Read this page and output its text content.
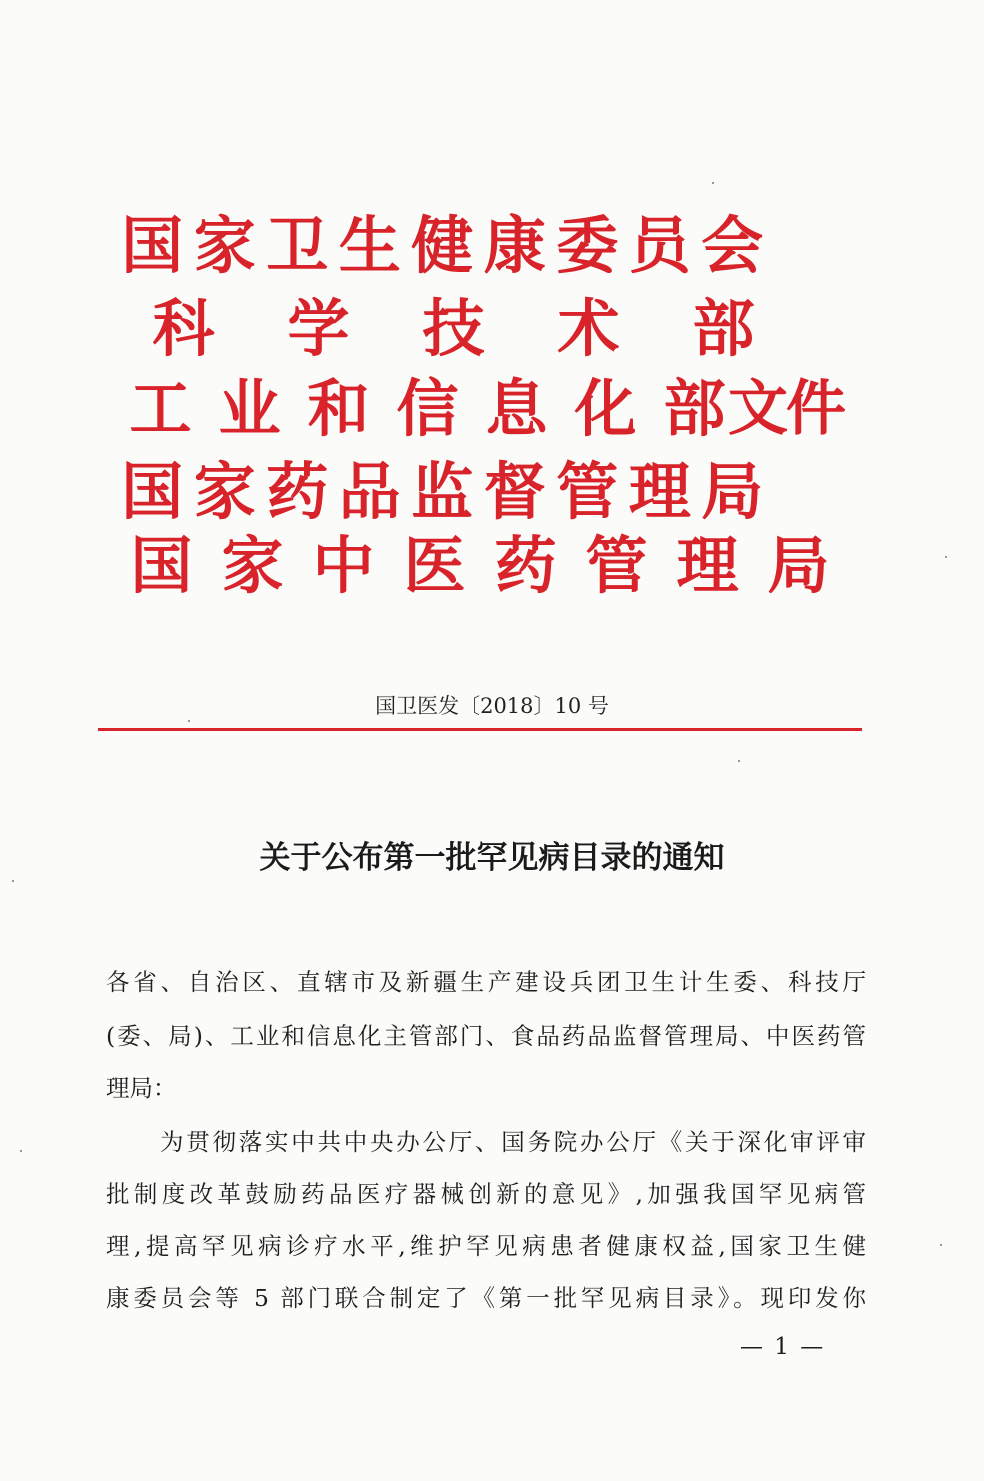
国 家 卫 生 健 康 委 员 会
科 学 技 术 部
工 业 和 信 息 化 部
国 家 药 品 监 督 管 理 局
国 家 中 医 药 管 理 局
文件
国卫医发〔2018〕10 号
关于公布第一批罕见病目录的通知
各省、自治区、直辖市及新疆生产建设兵团卫生计生委、科技厅
(委、局)、工业和信息化主管部门、食品药品监督管理局、中医药管
理局：
为贯彻落实中共中央办公厅、国务院办公厅《关于深化审评审
批制度改革鼓励药品医疗器械创新的意见》,加强我国罕见病管
理,提高罕见病诊疗水平,维护罕见病患者健康权益,国家卫生健
康委员会等 5 部门联合制定了《第一批罕见病目录》。现印发你
— 1 —
